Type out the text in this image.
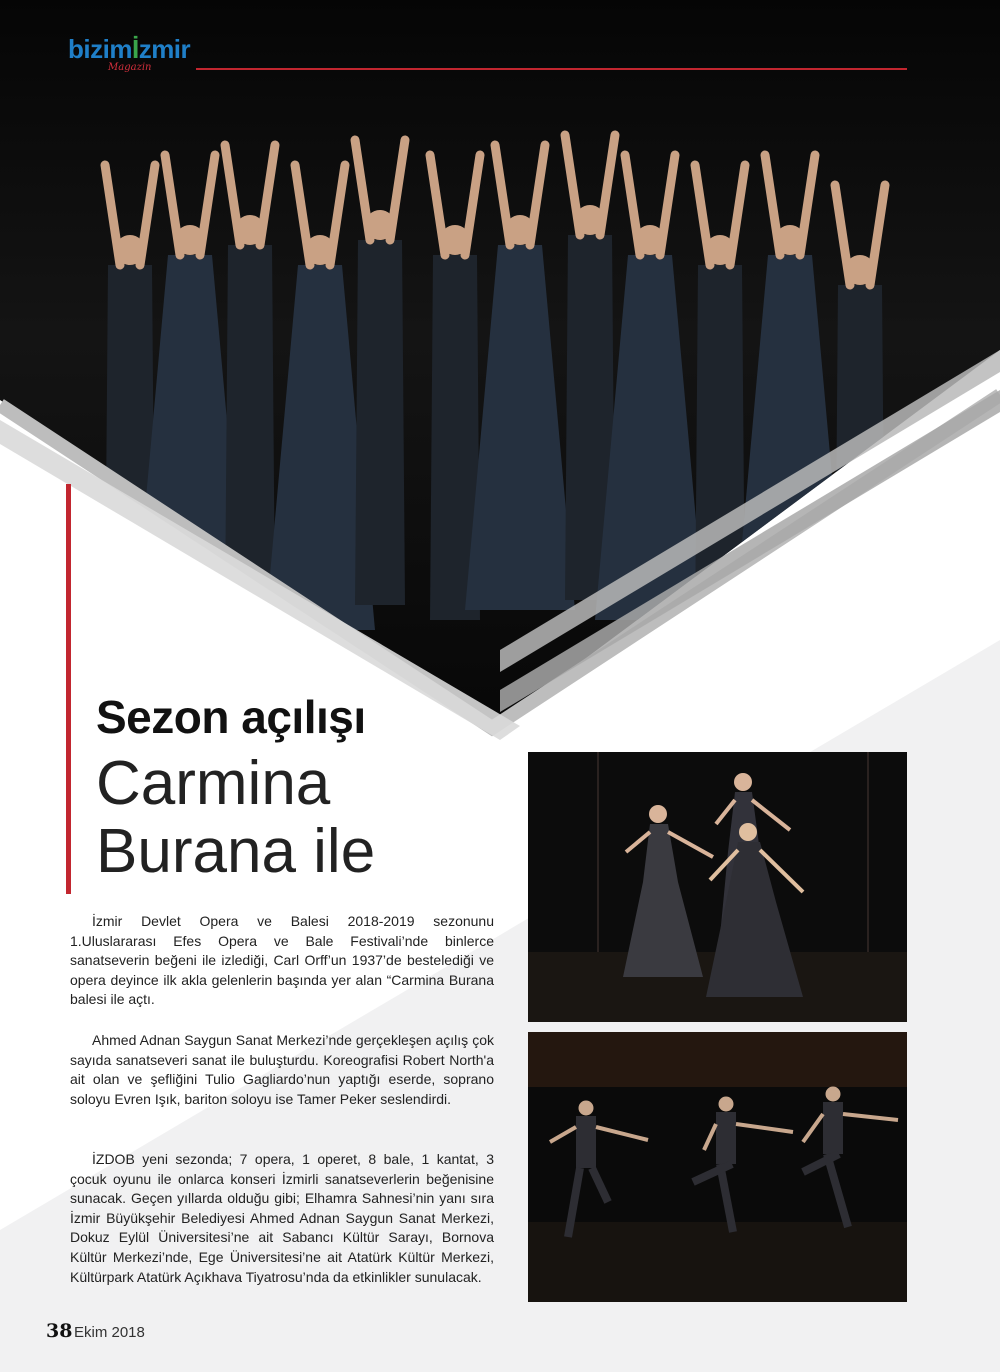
bizimİzmir
Magazin
Sezon açılışı
Carmina
Burana ile
İzmir Devlet Opera ve Balesi 2018-2019 sezonunu 1.Uluslararası Efes Opera ve Bale Festivali’nde binlerce sanatseverin beğeni ile izlediği, Carl Orff’un 1937’de bestelediği ve opera deyince ilk akla gelenlerin başında yer alan “Carmina Burana balesi ile açtı.
Ahmed Adnan Saygun Sanat Merkezi’nde gerçekleşen açılış çok sayıda sanatseveri sanat ile buluşturdu. Koreografisi Robert North'a ait olan ve şefliğini Tulio Gagliardo’nun yaptığı eserde, soprano soloyu Evren Işık, bariton soloyu ise Tamer Peker seslendirdi.
İZDOB yeni sezonda; 7 opera, 1 operet, 8 bale, 1 kantat, 3 çocuk oyunu ile onlarca konseri İzmirli sanatseverlerin beğenisine sunacak. Geçen yıllarda olduğu gibi; Elhamra Sahnesi’nin yanı sıra İzmir Büyükşehir Belediyesi Ahmed Adnan Saygun Sanat Merkezi, Dokuz Eylül Üniversitesi’ne ait Sabancı Kültür Sarayı, Bornova Kültür Merkezi’nde, Ege Üniversitesi’ne ait Atatürk Kültür Merkezi, Kültürpark Atatürk Açıkhava Tiyatrosu’nda da etkinlikler sunulacak.
38 Ekim 2018
